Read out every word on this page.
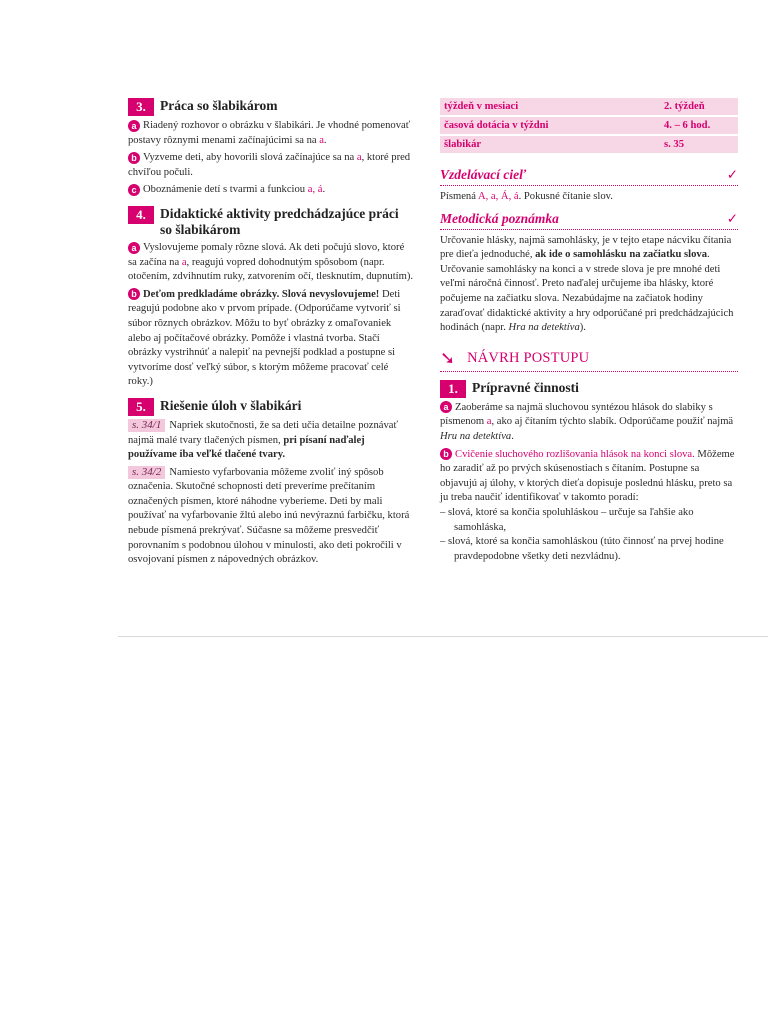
3.	Práca so šlabikárom

a Riadený rozhovor o obrázku v šlabikári. Je vhodné pomenovať postavy rôznymi menami začínajúcimi sa na a.

b Vyzveme deti, aby hovorili slová začínajúce sa na a, ktoré pred chvíľou počuli.

c Oboznámenie detí s tvarmi a funkciou a, á.

4.	Didaktické aktivity predchádzajúce práci so šlabikárom

a Vyslovujeme pomaly rôzne slová. Ak deti počujú slovo, ktoré sa začína na a, reagujú vopred dohodnutým spôsobom (napr. otočením, zdvihnutím ruky, zatvorením očí, tlesknutím, dupnutím).

b Deťom predkladáme obrázky. Slová nevyslovujeme! Deti reagujú podobne ako v prvom prípade. (Odporúčame vytvoriť si súbor rôznych obrázkov. Môžu to byť obrázky z omaľovaniek alebo aj počítačové obrázky. Pomôže i vlastná tvorba. Stačí obrázky vystrihnúť a nalepiť na pevnejší podklad a postupne si vytvoríme dosť veľký súbor, s ktorým môžeme pracovať celé roky.)

5.	Riešenie úloh v šlabikári

s. 34/1 Napriek skutočnosti, že sa deti učia detailne poznávať najmä malé tvary tlačených písmen, pri písaní naďalej používame iba veľké tlačené tvary.

s. 34/2 Namiesto vyfarbovania môžeme zvoliť iný spôsob označenia. Skutočné schopnosti detí preveríme prečítaním označených písmen, ktoré náhodne vyberieme. Deti by mali používať na vyfarbovanie žltú alebo inú nevýraznú farbičku, ktorá nebude písmená prekrývať. Súčasne sa môžeme presvedčiť porovnaním s podobnou úlohou v minulosti, ako deti pokročili v osvojovaní písmen z nápovedných obrázkov.

týždeň v mesiaci	2. týždeň
časová dotácia v týždni	4. – 6 hod.
šlabikár	s. 35
Vzdelávací cieľ	✓

Písmená A, a, Á, á. Pokusné čítanie slov.

Metodická poznámka	✓

Určovanie hlásky, najmä samohlásky, je v tejto etape nácviku čítania pre dieťa jednoduché, ak ide o samohlásku na začiatku slova. Určovanie samohlásky na konci a v strede slova je pre mnohé deti veľmi náročná činnosť. Preto naďalej určujeme iba hlásky, ktoré počujeme na začiatku slova. Nezabúdajme na začiatok hodiny zaraďovať didaktické aktivity a hry odporúčané pri predchádzajúcich hodinách (napr. Hra na detektíva).

➘ NÁVRH POSTUPU
1.	Prípravné činnosti

a Zaoberáme sa najmä sluchovou syntézou hlások do slabiky s písmenom a, ako aj čítaním týchto slabík. Odporúčame použiť najmä Hru na detektíva.

b Cvičenie sluchového rozlišovania hlások na konci slova. Môžeme ho zaradiť až po prvých skúsenostiach s čítaním. Postupne sa objavujú aj úlohy, v ktorých dieťa dopisuje poslednú hlásku, preto sa ju treba naučiť identifikovať v takomto poradí:

– slová, ktoré sa končia spoluhláskou – určuje sa ľahšie ako samohláska,
– slová, ktoré sa končia samohláskou (túto činnosť na prvej hodine pravdepodobne všetky deti nezvládnu).
